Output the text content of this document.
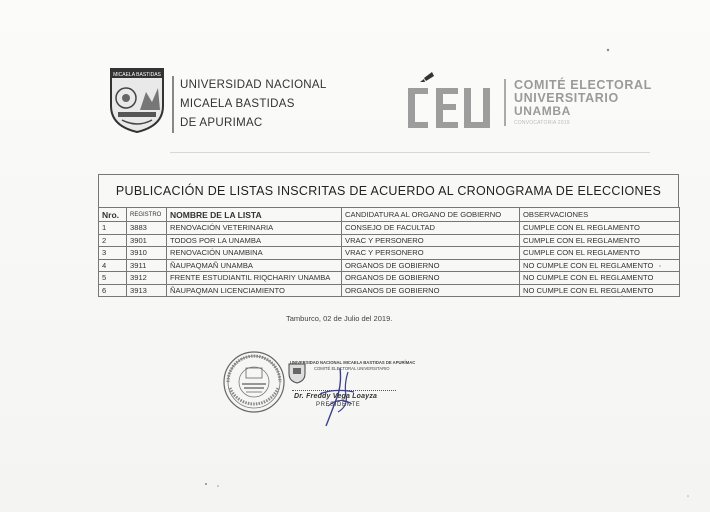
MICAELA BASTIDAS
UNIVERSIDAD NACIONAL
MICAELA BASTIDAS
DE APURIMAC
COMITÉ ELECTORAL
UNIVERSITARIO
UNAMBA
CONVOCATORIA 2019
PUBLICACIÓN DE LISTAS INSCRITAS DE ACUERDO AL CRONOGRAMA DE ELECCIONES
Nro.	REGISTRO	NOMBRE DE LA LISTA	CANDIDATURA AL ORGANO DE GOBIERNO	OBSERVACIONES
1	3883	RENOVACIÓN VETERINARIA	CONSEJO DE FACULTAD	CUMPLE CON EL REGLAMENTO
2	3901	TODOS POR LA UNAMBA	VRAC Y PERSONERO	CUMPLE CON EL REGLAMENTO
3	3910	RENOVACIÓN UNAMBINA	VRAC Y PERSONERO	CUMPLE CON EL REGLAMENTO
4	3911	ÑAUPAQMAÑ UNAMBA	ORGANOS DE GOBIERNO	NO CUMPLE CON EL REGLAMENTO
5	3912	FRENTE ESTUDIANTIL RIQCHARIY UNAMBA	ORGANOS DE GOBIERNO	NO CUMPLE CON EL REGLAMENTO
6	3913	ÑAUPAQMAN LICENCIAMIENTO	ORGANOS DE GOBIERNO	NO CUMPLE CON EL REGLAMENTO
Tamburco, 02 de Julio del 2019.
UNIVERSIDAD NACIONAL MICAELA BASTIDAS DE APURÍMAC
COMITÉ ELECTORAL UNIVERSITARIO
Dr. Freddy Vega Loayza
PRESIDENTE
